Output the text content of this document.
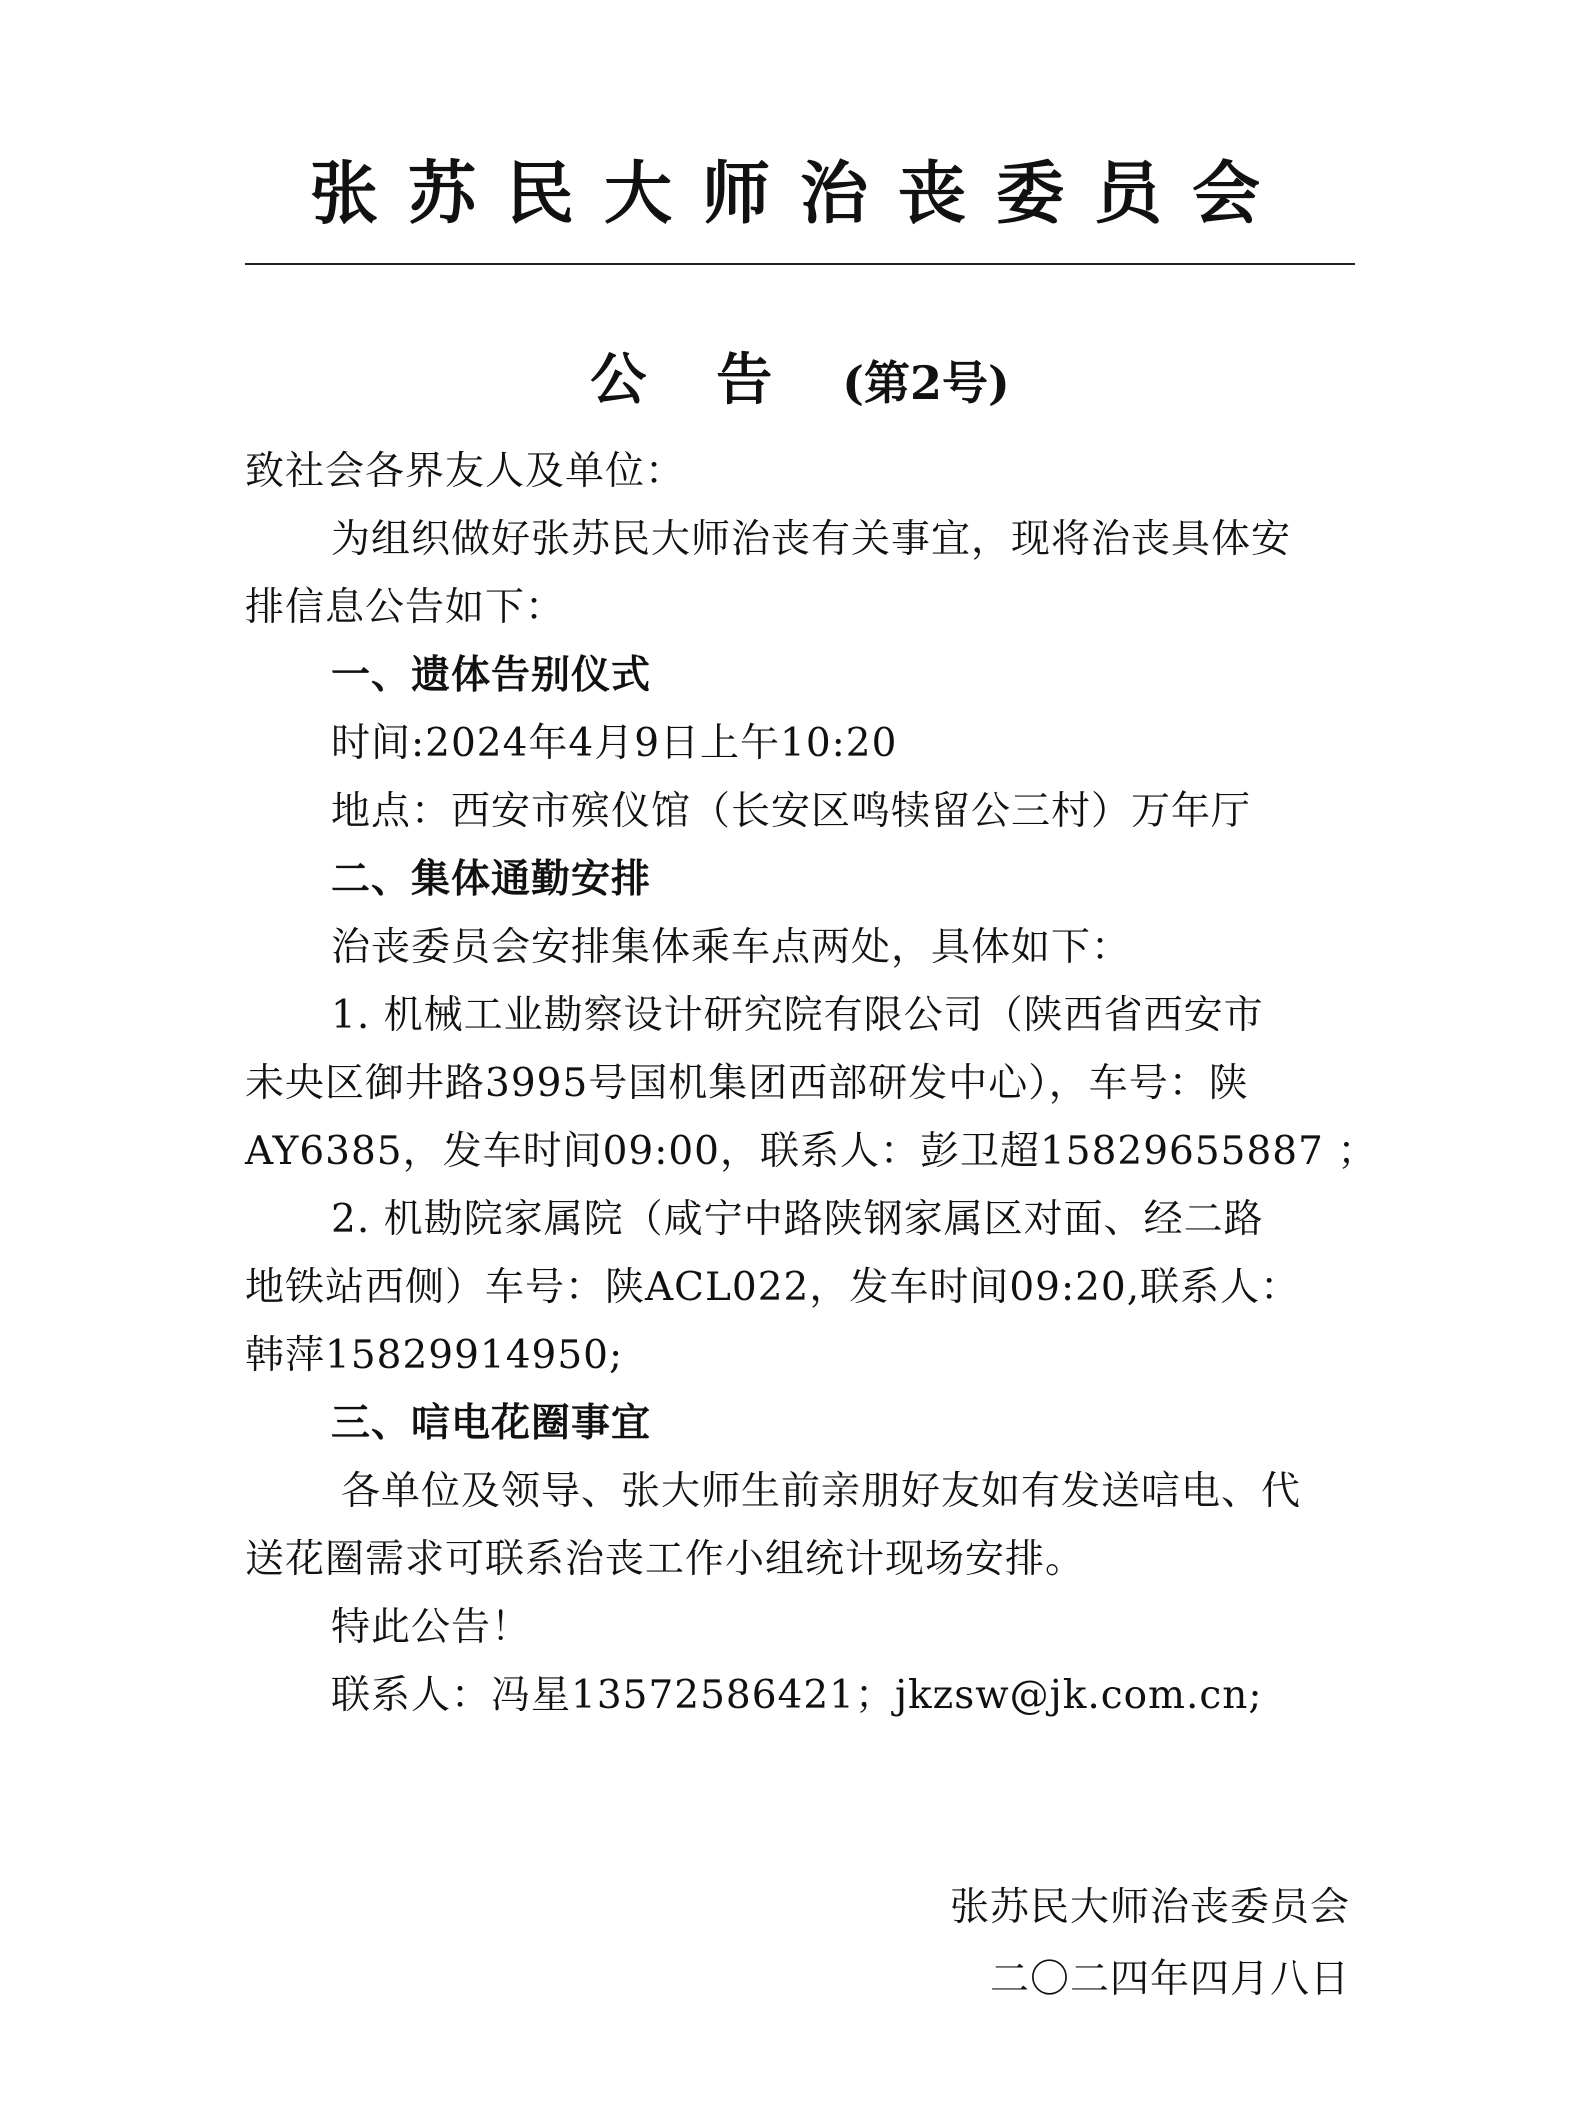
张苏民大师治丧委员会
公告(第2号)
致社会各界友人及单位：
为组织做好张苏民大师治丧有关事宜，现将治丧具体安
排信息公告如下：
一、遗体告别仪式
时间:2024年4月9日上午10:20
地点：西安市殡仪馆（长安区鸣犊留公三村）万年厅
二、集体通勤安排
治丧委员会安排集体乘车点两处，具体如下：
1. 机械工业勘察设计研究院有限公司（陕西省西安市
未央区御井路3995号国机集团西部研发中心），车号：陕
AY6385，发车时间09:00，联系人：彭卫超15829655887 ；
2. 机勘院家属院（咸宁中路陕钢家属区对面、经二路
地铁站西侧）车号：陕ACL022，发车时间09:20,联系人：
韩萍15829914950;
三、唁电花圈事宜
各单位及领导、张大师生前亲朋好友如有发送唁电、代
送花圈需求可联系治丧工作小组统计现场安排。
特此公告！
联系人：冯星13572586421；jkzsw@jk.com.cn;
张苏民大师治丧委员会
二〇二四年四月八日
